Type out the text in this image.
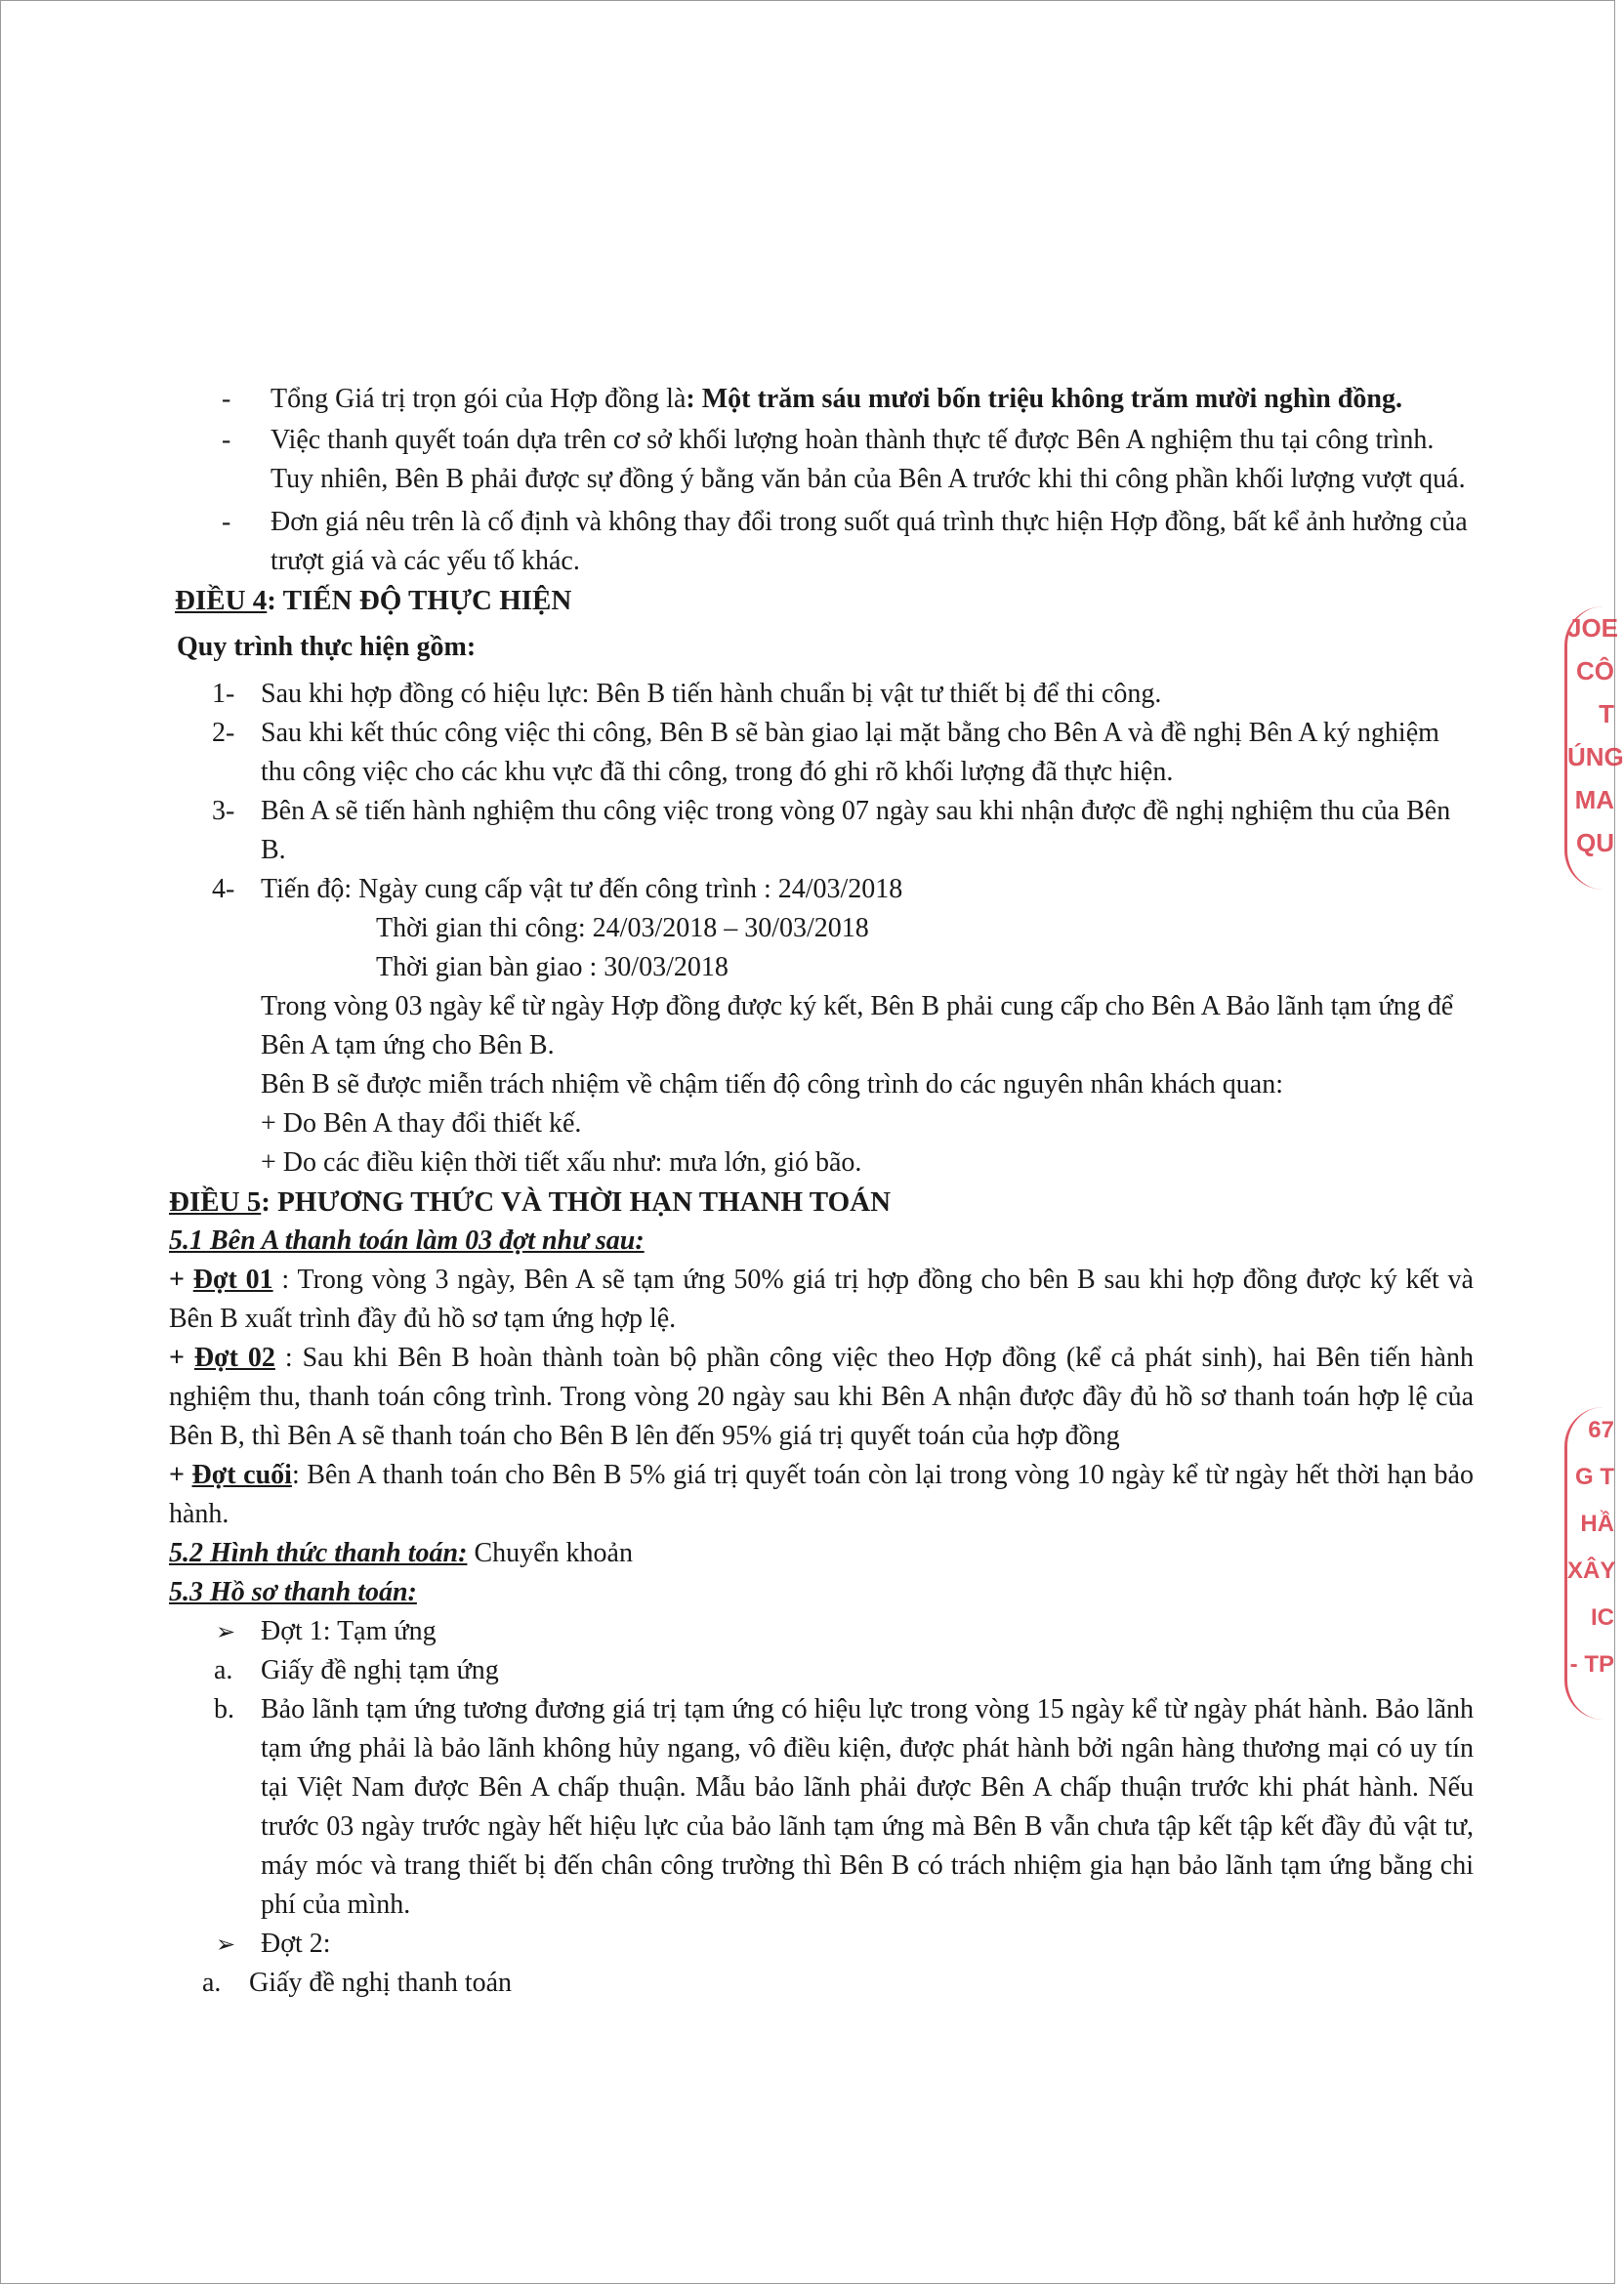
- Tổng Giá trị trọn gói của Hợp đồng là: Một trăm sáu mươi bốn triệu không trăm mười nghìn đồng.
- Việc thanh quyết toán dựa trên cơ sở khối lượng hoàn thành thực tế được Bên A nghiệm thu tại công trình. Tuy nhiên, Bên B phải được sự đồng ý bằng văn bản của Bên A trước khi thi công phần khối lượng vượt quá.
- Đơn giá nêu trên là cố định và không thay đổi trong suốt quá trình thực hiện Hợp đồng, bất kể ảnh hưởng của trượt giá và các yếu tố khác.
ĐIỀU 4: TIẾN ĐỘ THỰC HIỆN
Quy trình thực hiện gồm:
1- Sau khi hợp đồng có hiệu lực: Bên B tiến hành chuẩn bị vật tư thiết bị để thi công.
2- Sau khi kết thúc công việc thi công, Bên B sẽ bàn giao lại mặt bằng cho Bên A và đề nghị Bên A ký nghiệm thu công việc cho các khu vực đã thi công, trong đó ghi rõ khối lượng đã thực hiện.
3- Bên A sẽ tiến hành nghiệm thu công việc trong vòng 07 ngày sau khi nhận được đề nghị nghiệm thu của Bên B.
4- Tiến độ: Ngày cung cấp vật tư đến công trình : 24/03/2018
Thời gian thi công: 24/03/2018 – 30/03/2018
Thời gian bàn giao : 30/03/2018
Trong vòng 03 ngày kể từ ngày Hợp đồng được ký kết, Bên B phải cung cấp cho Bên A Bảo lãnh tạm ứng để Bên A tạm ứng cho Bên B.
Bên B sẽ được miễn trách nhiệm về chậm tiến độ công trình do các nguyên nhân khách quan:
+ Do Bên A thay đổi thiết kế.
+ Do các điều kiện thời tiết xấu như: mưa lớn, gió bão.
ĐIỀU 5: PHƯƠNG THỨC VÀ THỜI HẠN THANH TOÁN
5.1 Bên A thanh toán làm 03 đợt như sau:
+ Đợt 01 : Trong vòng 3 ngày, Bên A sẽ tạm ứng 50% giá trị hợp đồng cho bên B sau khi hợp đồng được ký kết và Bên B xuất trình đầy đủ hồ sơ tạm ứng hợp lệ.
+ Đợt 02 : Sau khi Bên B hoàn thành toàn bộ phần công việc theo Hợp đồng (kể cả phát sinh), hai Bên tiến hành nghiệm thu, thanh toán công trình. Trong vòng 20 ngày sau khi Bên A nhận được đầy đủ hồ sơ thanh toán hợp lệ của Bên B, thì Bên A sẽ thanh toán cho Bên B lên đến 95% giá trị quyết toán của hợp đồng
+ Đợt cuối: Bên A thanh toán cho Bên B 5% giá trị quyết toán còn lại trong vòng 10 ngày kể từ ngày hết thời hạn bảo hành.
5.2 Hình thức thanh toán: Chuyển khoản
5.3 Hồ sơ thanh toán:
➢ Đợt 1: Tạm ứng
a. Giấy đề nghị tạm ứng
b. Bảo lãnh tạm ứng tương đương giá trị tạm ứng có hiệu lực trong vòng 15 ngày kể từ ngày phát hành. Bảo lãnh tạm ứng phải là bảo lãnh không hủy ngang, vô điều kiện, được phát hành bởi ngân hàng thương mại có uy tín tại Việt Nam được Bên A chấp thuận. Mẫu bảo lãnh phải được Bên A chấp thuận trước khi phát hành. Nếu trước 03 ngày trước ngày hết hiệu lực của bảo lãnh tạm ứng mà Bên B vẫn chưa tập kết tập kết đầy đủ vật tư, máy móc và trang thiết bị đến chân công trường thì Bên B có trách nhiệm gia hạn bảo lãnh tạm ứng bằng chi phí của mình.
➢ Đợt 2:
a. Giấy đề nghị thanh toán
JOE
CÔ
T
ÚNG
MA
QU
67
G T
HẦ
XÂY
IC
- TP
